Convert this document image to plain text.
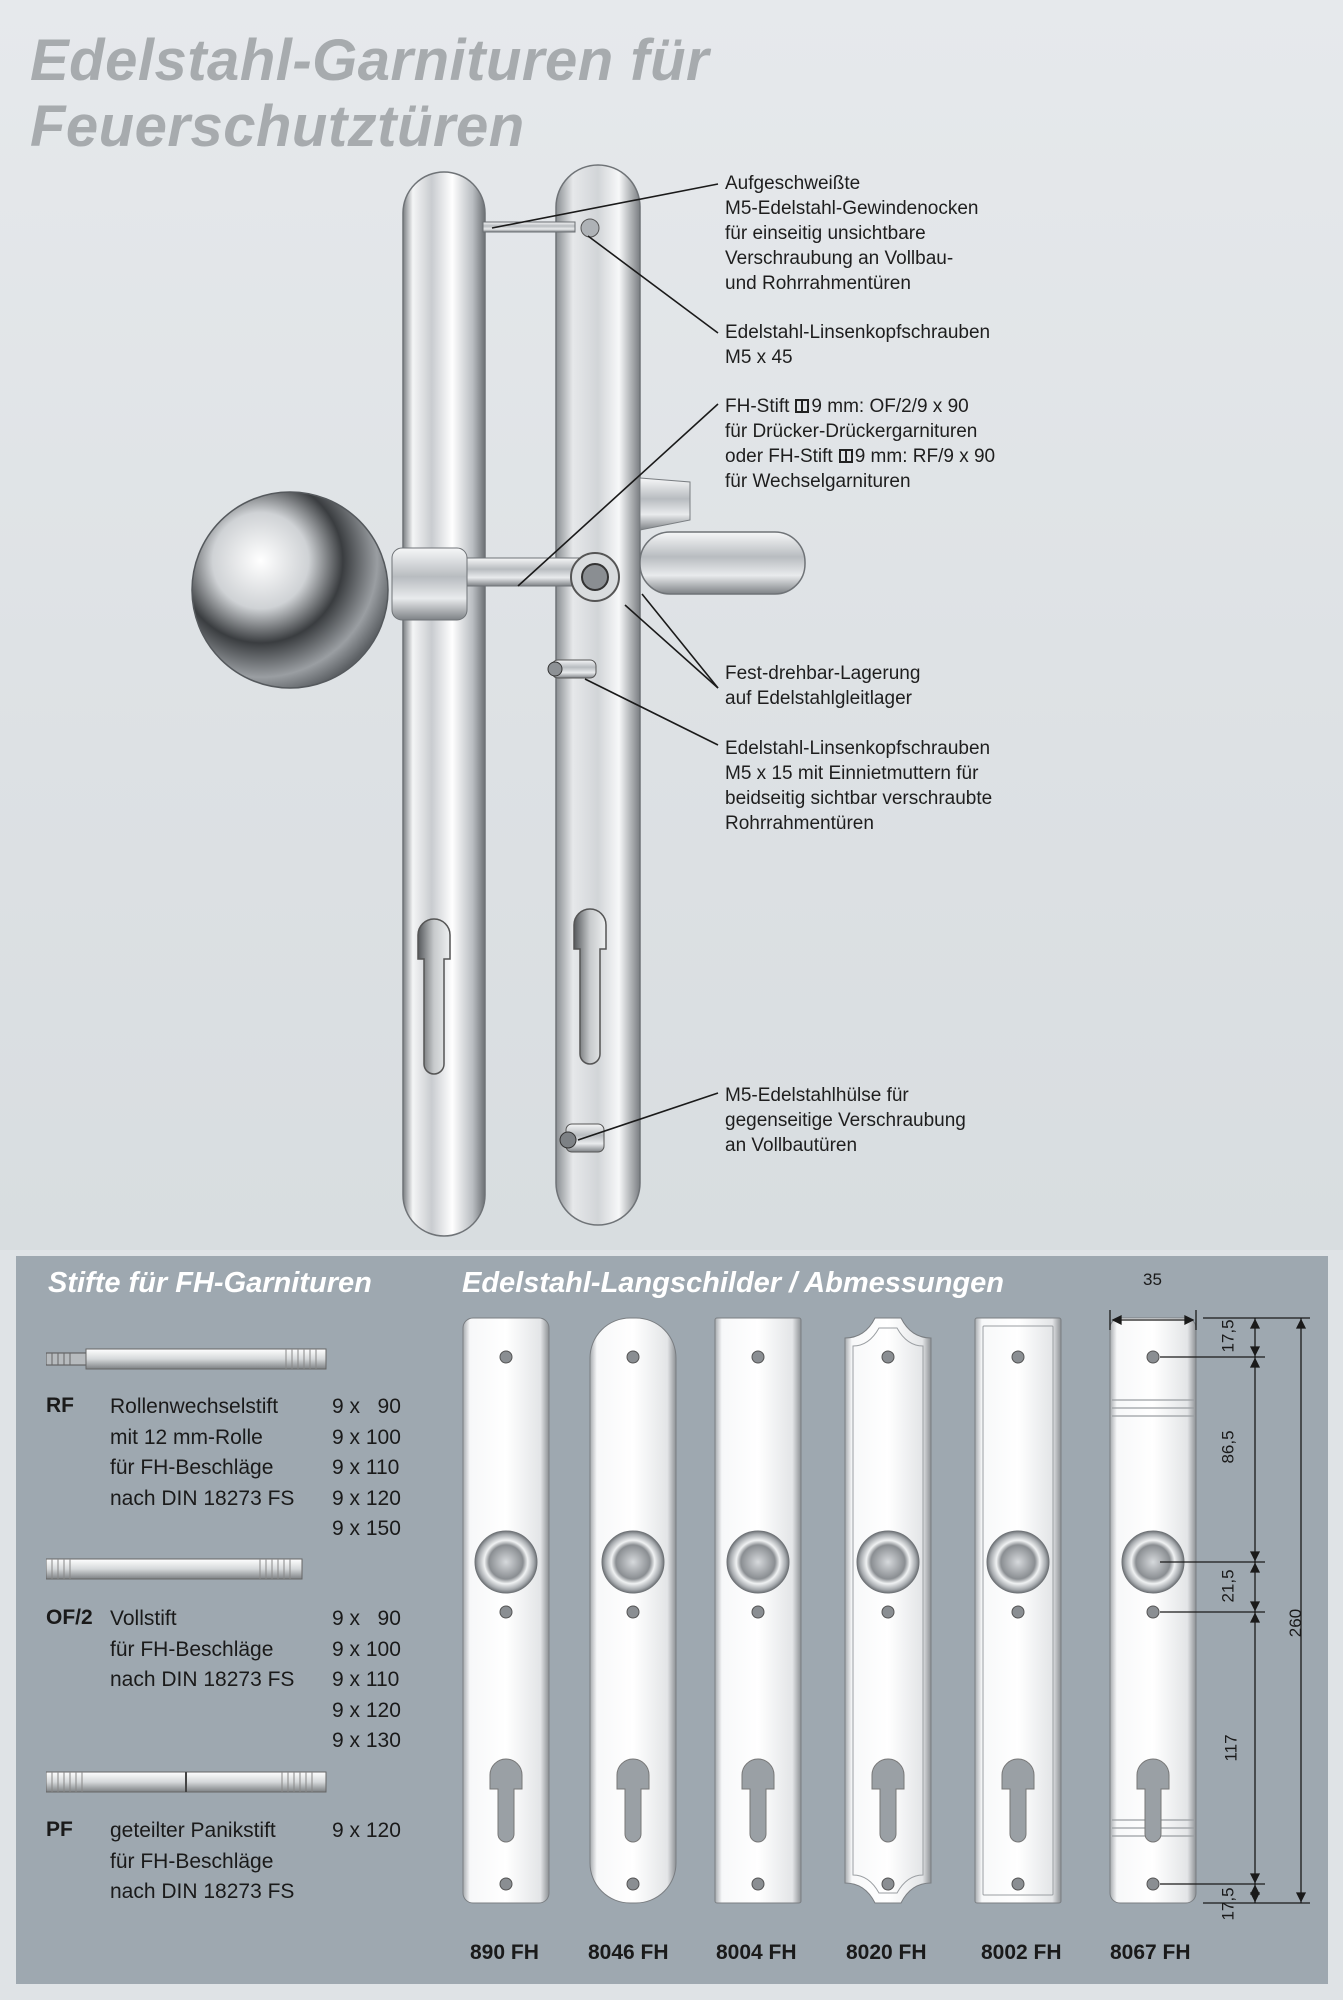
Edelstahl-Garnituren für
Feuerschutztüren
Aufgeschweißte
M5-Edelstahl-Gewindenocken
für einseitig unsichtbare
Verschraubung an Vollbau-
und Rohrrahmentüren
Edelstahl-Linsenkopfschrauben
M5 x 45
FH-Stift 9 mm: OF/2/9 x 90
für Drücker-Drückergarnituren
oder FH-Stift 9 mm: RF/9 x 90
für Wechselgarnituren
Fest-drehbar-Lagerung
auf Edelstahlgleitlager
Edelstahl-Linsenkopfschrauben
M5 x 15 mit Einnietmuttern für
beidseitig sichtbar verschraubte
Rohrrahmentüren
M5-Edelstahlhülse für
gegenseitige Verschraubung
an Vollbautüren
Stifte für FH-Garnituren	Edelstahl-Langschilder / Abmessungen
RF Rollenwechselstift
mit 12 mm-Rolle
für FH-Beschläge
nach DIN 18273 FS
9 x   90
9 x 100
9 x 110
9 x 120
9 x 150
OF/2 Vollstift
für FH-Beschläge
nach DIN 18273 FS
9 x   90
9 x 100
9 x 110
9 x 120
9 x 130
PF geteilter Panikstift
für FH-Beschläge
nach DIN 18273 FS
9 x 120
35
17,5
86,5
21,5
117
17,5
260
890 FH 8046 FH 8004 FH 8020 FH	8002 FH 8067 FH
